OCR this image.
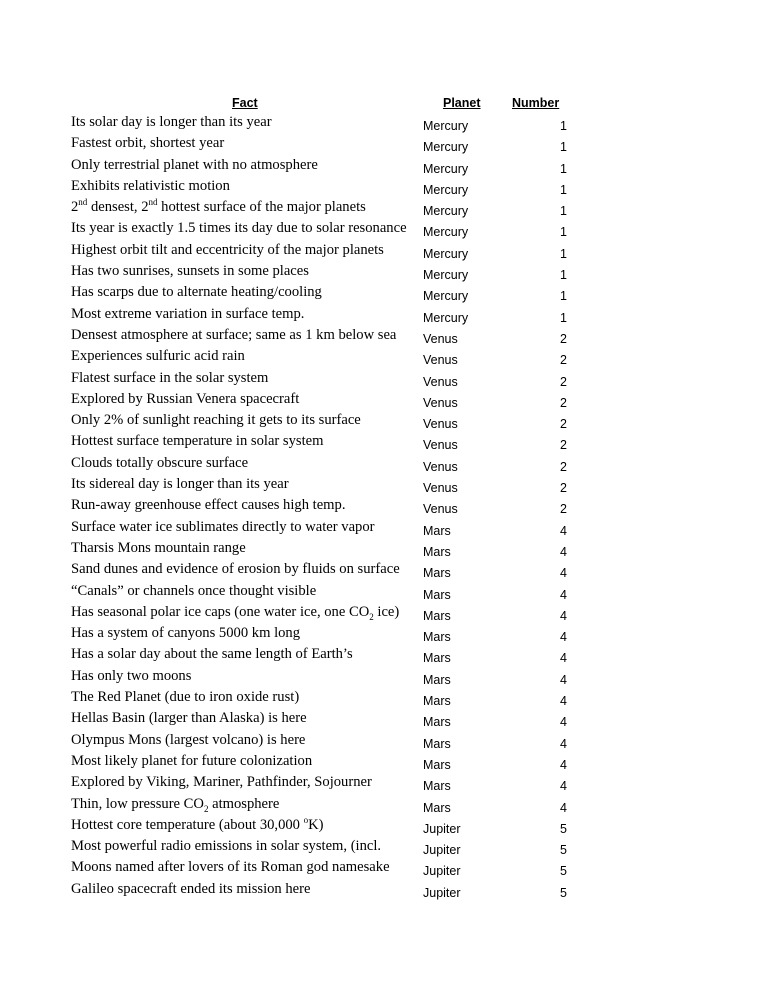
Fact	Planet	Number
Its solar day is longer than its year	Mercury	1
Fastest orbit, shortest year	Mercury	1
Only terrestrial planet with no atmosphere	Mercury	1
Exhibits relativistic motion	Mercury	1
2nd densest, 2nd hottest surface of the major planets	Mercury	1
Its year is exactly 1.5 times its day due to solar resonance Mercury	1
Highest orbit tilt and eccentricity of the major planets	Mercury	1
Has two sunrises, sunsets in some places	Mercury	1
Has scarps due to alternate heating/cooling	Mercury	1
Most extreme variation in surface temp.	Mercury	1
Densest atmosphere at surface; same as 1 km below sea Venus	2
Experiences sulfuric acid rain	Venus	2
Flatest surface in the solar system	Venus	2
Explored by Russian Venera spacecraft	Venus	2
Only 2% of sunlight reaching it gets to its surface	Venus	2
Hottest surface temperature in solar system	Venus	2
Clouds totally obscure surface	Venus	2
Its sidereal day is longer than its year	Venus	2
Run-away greenhouse effect causes high temp.	Venus	2
Surface water ice sublimates directly to water vapor	Mars	4
Tharsis Mons mountain range	Mars	4
Sand dunes and evidence of erosion by fluids on surface Mars	4
“Canals” or channels once thought visible	Mars	4
Has seasonal polar ice caps (one water ice, one $CO_2$ ice) Mars	4
Has a system of canyons 5000 km long	Mars	4
Has a solar day about the same length of Earth’s	Mars	4
Has only two moons	Mars	4
The Red Planet (due to iron oxide rust)	Mars	4
Hellas Basin (larger than Alaska) is here	Mars	4
Olympus Mons (largest volcano) is here	Mars	4
Most likely planet for future colonization	Mars	4
Explored by Viking, Mariner, Pathfinder, Sojourner	Mars	4
Thin, low pressure $CO_2$ atmosphere	Mars	4
Hottest core temperature (about 30,000 $^o$K)	Jupiter	5
Most powerful radio emissions in solar system, (incl.	Jupiter	5
Moons named after lovers of its Roman god namesake	Jupiter	5
Galileo spacecraft ended its mission here	Jupiter	5
